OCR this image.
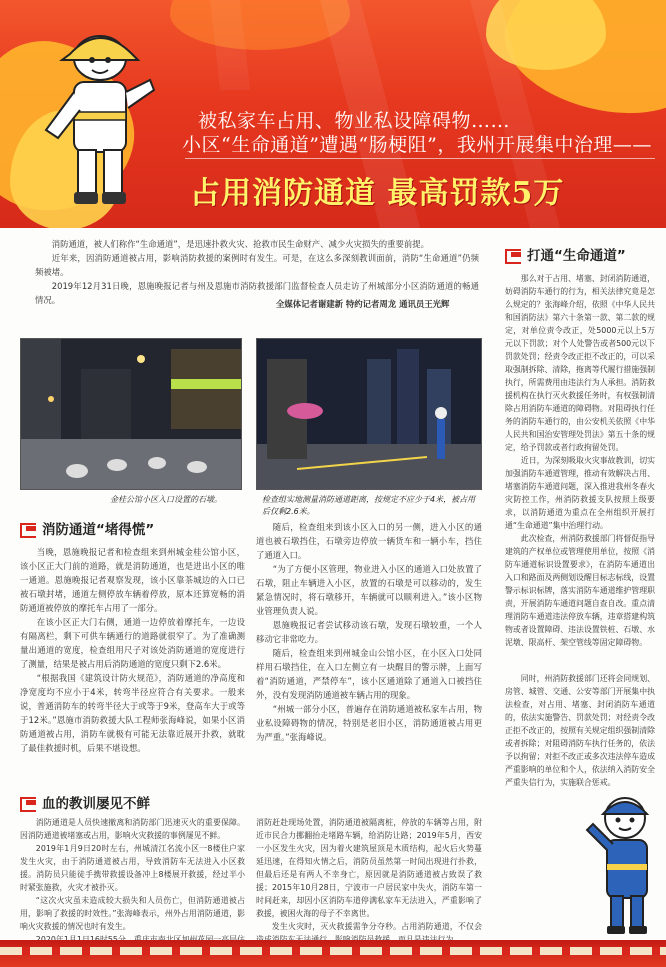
被私家车占用、物业私设障碍物……
小区“生命通道”遭遇“肠梗阻”，我州开展集中治理——
占用消防通道 最高罚款5万

消防通道，被人们称作“生命通道”，是迅速扑救火灾、抢救市民生命财产、减少火灾损失的重要前提。

近年来，因消防通道被占用，影响消防救援的案例时有发生。可是，在这么多深刻教训面前，消防“生命通道”仍频频被堵。

2019年12月31日晚，恩施晚报记者与州及恩施市消防救援部门监督检查人员走访了州城部分小区消防通道的畅通情况。	全媒体记者谢建新 特约记者周龙 通讯员王光辉
金桂公馆小区入口设置的石墩。	检查组实地测量消防通道距离，按规定不应少于4米，被占用后仅剩2.6米。
消防通道“堵得慌”

当晚，恩施晚报记者和检查组来到州城金桂公馆小区，该小区正大门前的道路，就是消防通道，也是进出小区的唯一通道。恩施晚报记者观察发现，该小区靠茶城边的入口已被石墩封堵，通道左侧停放车辆着停放，原本还算宽畅的消防通道被停放的摩托车占用了一部分。

在该小区正大门右侧，通道一边停放着摩托车，一边设有隔离栏，剩下可供车辆通行的道路就很窄了。为了准确测量出通道的宽度，检查组用尺子对该处消防通道的宽度进行了测量，结果是被占用后消防通道的宽度只剩下2.6米。

“根据我国《建筑设计防火规范》，消防通道的净高度和净宽度均不应小于4米，转弯半径应符合有关要求。一般来说，普通消防车的转弯半径大于或等于9米，登高车大于或等于12米。”恩施市消防救援大队工程师张海峰说，如果小区消防通道被占用，消防车就极有可能无法靠近展开扑救，就耽了最佳救援时机，后果不堪设想。

随后，检查组来到该小区入口的另一侧，进入小区的通道也被石墩挡住，石墩旁边停放一辆货车和一辆小车，挡住了通道入口。

“为了方便小区管理，物业进入小区的通道入口处放置了石墩，阻止车辆进入小区，放置的石墩是可以移动的，发生紧急情况时，将石墩移开，车辆就可以顺利进入。”该小区物业管理负责人说。

恩施晚报记者尝试移动该石墩，发现石墩较重，一个人移动它非常吃力。

随后，检查组来到州城金山公馆小区，在小区入口处同样用石墩挡住，在入口左侧立有一块醒目的警示牌，上面写着“消防通道，严禁停车”，该小区通道除了通道入口被挡住外，没有发现消防通道被车辆占用的现象。

“州城一部分小区，普遍存在消防通道被私家车占用，物业私设障碍物的情况，特别是老旧小区，消防通道被占用更为严重。”张海峰说。

血的教训屡见不鲜

消防通道是人员快速撤离和消防部门迅速灭火的重要保障。因消防通道被堵塞或占用，影响火灾救援的事例屡见不鲜。

2019年1月9日20时左右，州城清江名流小区一8楼住户家发生火灾，由于消防通道被占用，导致消防车无法进入小区救援。消防员只能徒手携带救援设备冲上8楼展开救援，经过半小时紧张施救，火灾才被扑灭。

“这次火灾虽未造成较大损失和人员伤亡，但消防通道被占用，影响了救援的时效性。”张海峰表示，州外占用消防通道，影响火灾救援的情况也时有发生。

消防赶赴现场处置，消防通道被隔离桩，停放的车辆等占用，附近市民合力挪翻抬走堵路车辆，给消防让路；2019年5月，西安一小区发生火灾，因为着火建筑屋顶是木质结构，起火后火势蔓延迅速，在得知火情之后，消防员虽然第一时间出现进行扑救，但最后还是有两人不幸身亡，原因就是消防通道被占致误了救援；2015年10月28日，宁波市一户居民家中失火，消防车第一时间赶来，却因小区消防车道停满私家车无法进入，严重影响了救援，被困火海的母子不幸离世。

发生火灾时，灭火救援需争分夺秒。占用消防通道，不仅会

打通“生命通道”

那么对于占用、堵塞、封闭消防通道，妨碍消防车通行的行为，相关法律究竟是怎么规定的？张海峰介绍，依照《中华人民共和国消防法》第六十条第一款、第二款的规定，对单位责令改正，处5000元以上5万元以下罚款；对个人处警告或者500元以下罚款处罚；经责令改正拒不改正的，可以采取强制拆除、清除，拖离等代履行措施强制执行，所需费用由违法行为人承担。消防救援机构在执行灭火救援任务时，有权强制清除占用消防车通道的障碍物。对阻碍执行任务的消防车通行的，由公安机关依照《中华人民共和国治安管理处罚法》第五十条的规定，给予罚款或者行政拘留处罚。

近日，为深刻吸取火灾事故教训，切实加强消防车通道管理，推动有效解决占用、堵塞消防车通道问题，深入推进我州冬春火灾防控工作，州消防救援支队按照上级要求，以消防通道为重点在全州组织开展打通“生命通道”集中治理行动。

此次检查，州消防救援部门将督促指导建筑的产权单位或管理使用单位，按照《消防车通道标识设置要求》，在消防车通道出入口和路面及两侧划设醒目标志标线，设置警示标识标牌，落实消防车通道维护管理职责，开展消防车通道问题自查自改。重点清理消防车通道违法停放车辆，违章搭建构筑物或者设置障碍、违法设置铁桩、石墩、水泥墩、限高杆、架空管线等固定障碍物。

同时，州消防救援部门还将会同规划、房管、城管、交通、公安等部门开展集中执法检查，对占用、堵塞、封闭消防车通道的，依法实施警告、罚款处罚；对经责令改正拒不改正的，按照有关规定组织强制清除或者拆除；对阻碍消防车执行任务的，依法予以拘留；对拒不改正或多次违法停车造成严重影响的单位和个人，依法纳入消防安全严重失信行为，实施联合惩戒。
